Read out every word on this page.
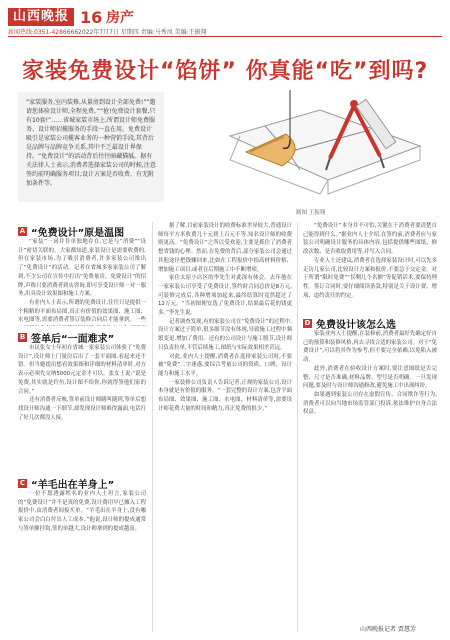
山西晚报
新闻热线:0351-4286666
16 房产
2022年7月7日 星期四 责编:马秀凤 美编:王振翔
家装免费设计“馅饼” 你真能“吃”到吗?
“家装服务,室内装修,从量房到设计全部免费!”“邀请您体验设计师,全程免费。”“抢!免费设计套餐,只有10套!”……省城家装市场上,所谓设计师免费服务、设计师招揽服务的手段一直在用。免费设计吸引是家装公司揽客业务的一种营销手段,其背后是品牌与品牌竞争关系,其中不乏最设计界保持。“免费设计”的活动背后往往暗藏猫腻。据有关法律人士表示,消费者选择家装公司的时候,注意签约前明确服务项目;设计方案是否收费、有无附加条件等。
制图 王振翔
A “免费设计”原是温图

“家装”一词并非单独地存在,它是与“消费”“设计”密切关联的。大家都知道,家装设计是需要收费的,但在家装市场,为了吸引消费者,许多家装公司推出了“免费设计”的活动。记者在省城多家家装公司了解到,不少公司在宣传中打出“免费量房、免费设计”的招牌,声称只要消费者到店咨询,即可享受设计师一对一服务,出具设计效果图和施工方案。

有业内人士表示,所谓的免费设计,往往只是提供一个粗略的平面布局图,真正有价值的效果图、施工图、水电图等,需要消费者签订装修合同后才能拿到。一些

B 签单后“一面难求”

市民张女士年初在省城一家家装公司体验了“免费设计”,设计师上门量房后出了一套平面图,看起来还不错。但当她提出想看效果图和详细的材料清单时,对方表示必须先交纳5000元定金才可以。张女士说:“说是免费,其实就是钓鱼,设计图不给你,你就得签他们家的合同。”

还有消费者反映,签单前设计师随叫随到,签单后想找设计师沟通一下细节,却发现设计师难得露面,电话打了好几次都没人接。

C “羊毛出在羊身上”

一位不愿透露姓名的业内人士坦言,家装公司的“免费设计”并不是真的免费,设计费用早已摊入工程报价中,由消费者间接买单。“羊毛出在羊身上,没有哪家公司会白白付出人工成本。”他说,设计师的提成通常与签单额挂钩,签的单越大,设计师拿到的提成越高。

据了解,目前家装设计的收费标准差异较大,普通设计师每平方米收费几十元到上百元不等,知名设计师的收费则更高。“免费设计”之所以受欢迎,主要是抓住了消费者想省钱的心理。然而,在免费的背后,部分家装公司会通过其他途径把钱赚回来,比如在工程报价中抬高材料价格、增加施工项目,或者在后期施工中不断增项。

家住太原小店区的李先生对此深有体会。去年他在一家家装公司享受了免费设计,签约时合同总价是8万元,可装修完成后,各种增项加起来,最终结算时竟然超过了12万元。“当初图便宜选了免费设计,结果最后花的钱更多。”李先生说。

记者调查发现,有的家装公司在“免费设计”的过程中,设计方案过于简单,很多细节没有体现,导致施工过程中频繁变更,增加了费用。还有的公司设计与施工脱节,设计师只负责拉单,不管后续施工,图纸与实际效果相差甚远。

对此,业内人士提醒,消费者在选择家装公司时,不要被“免费”二字迷惑,要综合考量公司的资质、口碑、设计能力和施工水平。

一家装修公司负责人告诉记者,正规的家装公司,设计本身就是有价值的服务。“一套完整的设计方案,包含平面布局图、效果图、施工图、水电图、材料清单等,需要设计师花费大量的时间和精力,真正免费的很少。”

“免费设计”本身并不可怕,关键在于消费者要清楚自己能得到什么。”据业内人士介绍,在签约前,消费者应与家装公司明确设计服务的具体内容,包括提供哪些图纸、修改次数、是否收取费用等,并写入合同。

专业人士还建议,消费者在选择家装设计时,可以先多走访几家公司,比较设计方案和报价,不要急于交定金。对于所谓“限时免费”“仅剩几个名额”等促销话术,要保持理性。签订合同时,要仔细阅读条款,特别是关于设计费、增项、违约责任的约定。

D 免费设计该怎么选

家装业内人士提醒,在装修前,消费者最好先确定好自己的预算和装修风格,再去寻找合适的家装公司。对于“免费设计”,可以将其作为参考,但不要完全依赖,以免陷入被动。

此外,消费者在验收设计方案时,要注意图纸是否完整、尺寸是否准确,材料品牌、型号是否明确。一旦发现问题,要及时与设计师沟通修改,避免施工中出现纠纷。

如果遇到家装公司存在虚假宣传、合同欺诈等行为,消费者可以向当地市场监管部门投诉,依法维护自身合法权益。

山西晚报记者 贾慧芳
